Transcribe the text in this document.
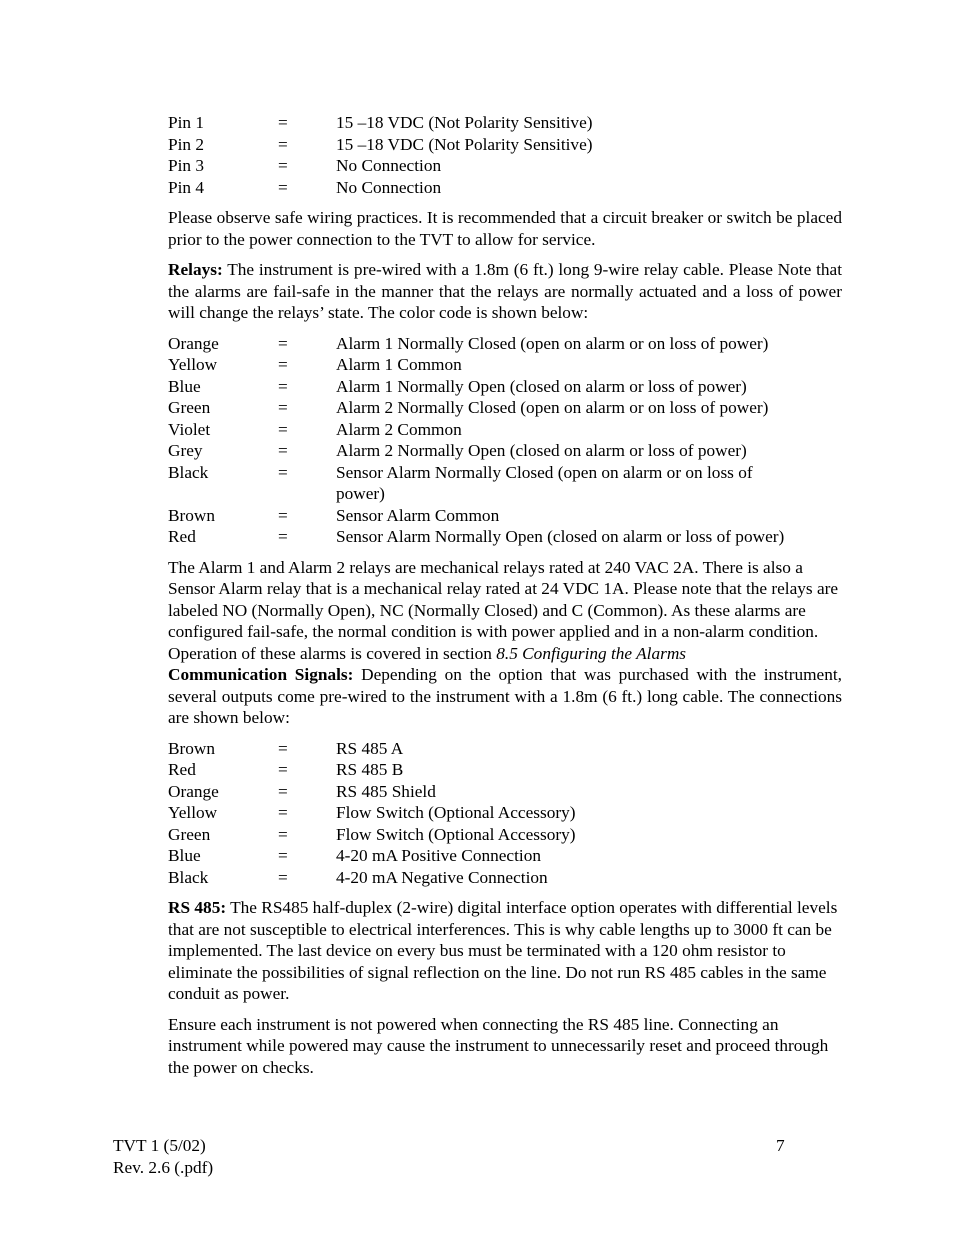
Pin 1	=	15 –18 VDC (Not Polarity Sensitive)
Pin 2	=	15 –18 VDC (Not Polarity Sensitive)
Pin 3	=	No Connection
Pin 4	=	No Connection

Please observe safe wiring practices. It is recommended that a circuit breaker or switch be placed prior to the power connection to the TVT to allow for service.

Relays: The instrument is pre-wired with a 1.8m (6 ft.) long 9-wire relay cable. Please Note that the alarms are fail-safe in the manner that the relays are normally actuated and a loss of power will change the relays’ state. The color code is shown below:

Orange	=	Alarm 1 Normally Closed (open on alarm or on loss of power)
Yellow	=	Alarm 1 Common
Blue	=	Alarm 1 Normally Open (closed on alarm or loss of power)
Green	=	Alarm 2 Normally Closed (open on alarm or on loss of power)
Violet	=	Alarm 2 Common
Grey	=	Alarm 2 Normally Open (closed on alarm or loss of power)
Black	=	Sensor Alarm Normally Closed (open on alarm or on loss of power)
Brown	=	Sensor Alarm Common
Red	=	Sensor Alarm Normally Open (closed on alarm or loss of power)

The Alarm 1 and Alarm 2 relays are mechanical relays rated at 240 VAC 2A. There is also a Sensor Alarm relay that is a mechanical relay rated at 24 VDC 1A. Please note that the relays are labeled NO (Normally Open), NC (Normally Closed) and C (Common). As these alarms are configured fail-safe, the normal condition is with power applied and in a non-alarm condition. Operation of these alarms is covered in section 8.5 Configuring the Alarms

Communication Signals: Depending on the option that was purchased with the instrument, several outputs come pre-wired to the instrument with a 1.8m (6 ft.) long cable. The connections are shown below:

Brown	=	RS 485 A
Red	=	RS 485 B
Orange	=	RS 485 Shield
Yellow	=	Flow Switch (Optional Accessory)
Green	=	Flow Switch (Optional Accessory)
Blue	=	4-20 mA Positive Connection
Black	=	4-20 mA Negative Connection

RS 485: The RS485 half-duplex (2-wire) digital interface option operates with differential levels that are not susceptible to electrical interferences. This is why cable lengths up to 3000 ft can be implemented. The last device on every bus must be terminated with a 120 ohm resistor to eliminate the possibilities of signal reflection on the line. Do not run RS 485 cables in the same conduit as power.

Ensure each instrument is not powered when connecting the RS 485 line. Connecting an instrument while powered may cause the instrument to unnecessarily reset and proceed through the power on checks.

TVT 1 (5/02)
Rev. 2.6 (.pdf)
7
